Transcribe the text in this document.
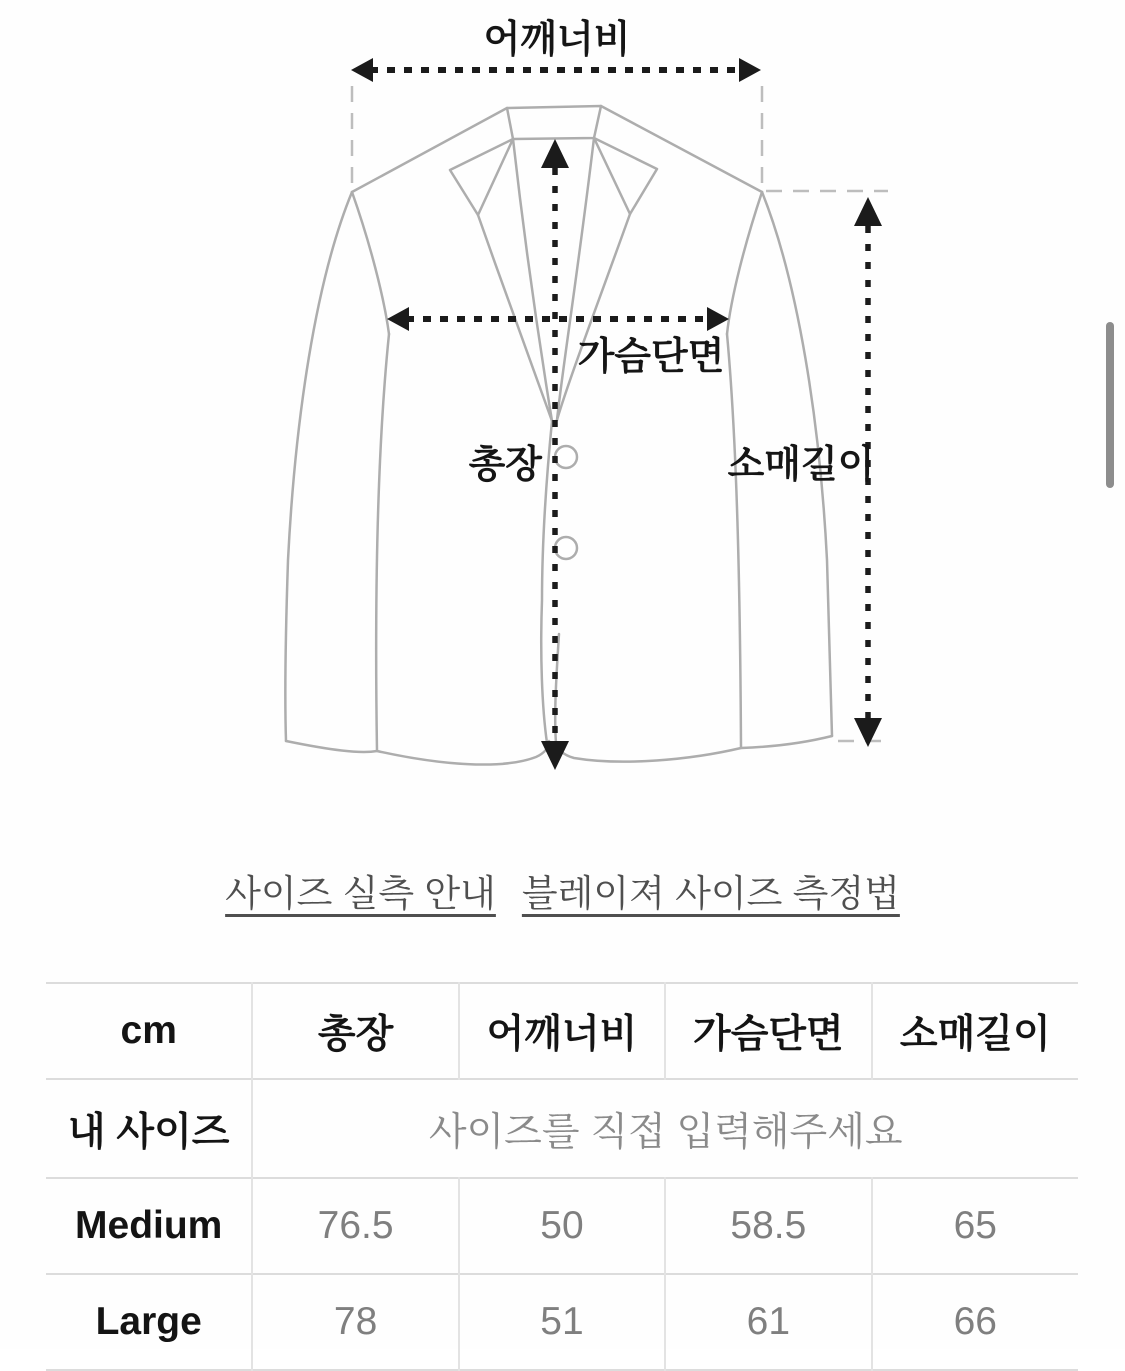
어깨너비
가슴단면
총장	소매길이
사이즈 실측 안내 블레이져 사이즈 측정법
cm	총장	어깨너비	가슴단면	소매길이
내 사이즈	사이즈를 직접 입력해주세요			
Medium	76.5	50	58.5	65
Large	78	51	61	66
